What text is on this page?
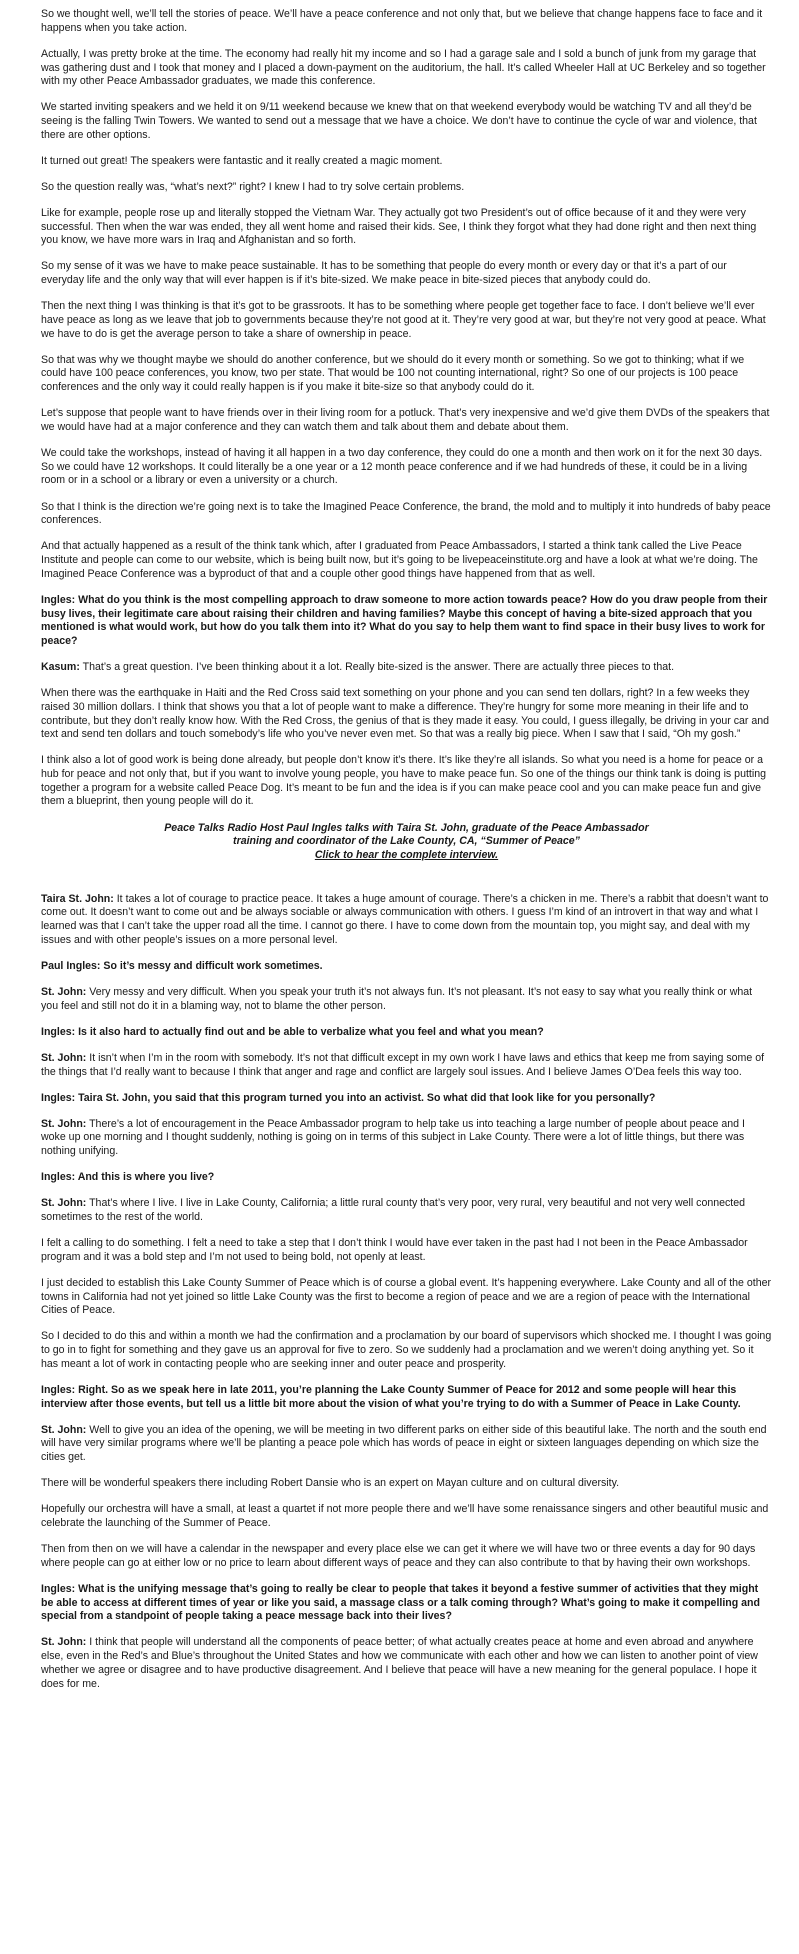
So we thought well, we’ll tell the stories of peace. We’ll have a peace conference and not only that, but we believe that change happens face to face and it happens when you take action.

Actually, I was pretty broke at the time. The economy had really hit my income and so I had a garage sale and I sold a bunch of junk from my garage that was gathering dust and I took that money and I placed a down-payment on the auditorium, the hall. It’s called Wheeler Hall at UC Berkeley and so together with my other Peace Ambassador graduates, we made this conference.

We started inviting speakers and we held it on 9/11 weekend because we knew that on that weekend everybody would be watching TV and all they’d be seeing is the falling Twin Towers. We wanted to send out a message that we have a choice. We don’t have to continue the cycle of war and violence, that there are other options.

It turned out great! The speakers were fantastic and it really created a magic moment.

So the question really was, “what’s next?” right? I knew I had to try solve certain problems.

Like for example, people rose up and literally stopped the Vietnam War. They actually got two President’s out of office because of it and they were very successful. Then when the war was ended, they all went home and raised their kids. See, I think they forgot what they had done right and then next thing you know, we have more wars in Iraq and Afghanistan and so forth.

So my sense of it was we have to make peace sustainable. It has to be something that people do every month or every day or that it’s a part of our everyday life and the only way that will ever happen is if it’s bite-sized. We make peace in bite-sized pieces that anybody could do.

Then the next thing I was thinking is that it’s got to be grassroots. It has to be something where people get together face to face. I don’t believe we’ll ever have peace as long as we leave that job to governments because they’re not good at it. They’re very good at war, but they’re not very good at peace. What we have to do is get the average person to take a share of ownership in peace.

So that was why we thought maybe we should do another conference, but we should do it every month or something. So we got to thinking; what if we could have 100 peace conferences, you know, two per state. That would be 100 not counting international, right? So one of our projects is 100 peace conferences and the only way it could really happen is if you make it bite-size so that anybody could do it.

Let’s suppose that people want to have friends over in their living room for a potluck. That’s very inexpensive and we’d give them DVDs of the speakers that we would have had at a major conference and they can watch them and talk about them and debate about them.

We could take the workshops, instead of having it all happen in a two day conference, they could do one a month and then work on it for the next 30 days. So we could have 12 workshops. It could literally be a one year or a 12 month peace conference and if we had hundreds of these, it could be in a living room or in a school or a library or even a university or a church.

So that I think is the direction we’re going next is to take the Imagined Peace Conference, the brand, the mold and to multiply it into hundreds of baby peace conferences.

And that actually happened as a result of the think tank which, after I graduated from Peace Ambassadors, I started a think tank called the Live Peace Institute and people can come to our website, which is being built now, but it’s going to be livepeaceinstitute.org and have a look at what we’re doing. The Imagined Peace Conference was a byproduct of that and a couple other good things have happened from that as well.

Ingles: What do you think is the most compelling approach to draw someone to more action towards peace? How do you draw people from their busy lives, their legitimate care about raising their children and having families? Maybe this concept of having a bite-sized approach that you mentioned is what would work, but how do you talk them into it? What do you say to help them want to find space in their busy lives to work for peace?

Kasum: That’s a great question. I’ve been thinking about it a lot. Really bite-sized is the answer. There are actually three pieces to that.

When there was the earthquake in Haiti and the Red Cross said text something on your phone and you can send ten dollars, right? In a few weeks they raised 30 million dollars. I think that shows you that a lot of people want to make a difference. They’re hungry for some more meaning in their life and to contribute, but they don’t really know how. With the Red Cross, the genius of that is they made it easy. You could, I guess illegally, be driving in your car and text and send ten dollars and touch somebody’s life who you’ve never even met. So that was a really big piece. When I saw that I said, “Oh my gosh.”

I think also a lot of good work is being done already, but people don’t know it’s there. It’s like they’re all islands. So what you need is a home for peace or a hub for peace and not only that, but if you want to involve young people, you have to make peace fun. So one of the things our think tank is doing is putting together a program for a website called Peace Dog. It’s meant to be fun and the idea is if you can make peace cool and you can make peace fun and give them a blueprint, then young people will do it.

Peace Talks Radio Host Paul Ingles talks with Taira St. John, graduate of the Peace Ambassador
training and coordinator of the Lake County, CA, “Summer of Peace”
Click to hear the complete interview.

Taira St. John: It takes a lot of courage to practice peace. It takes a huge amount of courage. There’s a chicken in me. There’s a rabbit that doesn’t want to come out. It doesn’t want to come out and be always sociable or always communication with others. I guess I’m kind of an introvert in that way and what I learned was that I can’t take the upper road all the time. I cannot go there. I have to come down from the mountain top, you might say, and deal with my issues and with other people’s issues on a more personal level.

Paul Ingles: So it’s messy and difficult work sometimes.

St. John: Very messy and very difficult. When you speak your truth it’s not always fun. It’s not pleasant. It’s not easy to say what you really think or what you feel and still not do it in a blaming way, not to blame the other person.

Ingles: Is it also hard to actually find out and be able to verbalize what you feel and what you mean?

St. John: It isn’t when I’m in the room with somebody. It’s not that difficult except in my own work I have laws and ethics that keep me from saying some of the things that I’d really want to because I think that anger and rage and conflict are largely soul issues. And I believe James O’Dea feels this way too.

Ingles: Taira St. John, you said that this program turned you into an activist. So what did that look like for you personally?

St. John: There’s a lot of encouragement in the Peace Ambassador program to help take us into teaching a large number of people about peace and I woke up one morning and I thought suddenly, nothing is going on in terms of this subject in Lake County. There were a lot of little things, but there was nothing unifying.

Ingles: And this is where you live?

St. John: That’s where I live. I live in Lake County, California; a little rural county that’s very poor, very rural, very beautiful and not very well connected sometimes to the rest of the world.

I felt a calling to do something. I felt a need to take a step that I don’t think I would have ever taken in the past had I not been in the Peace Ambassador program and it was a bold step and I’m not used to being bold, not openly at least.

I just decided to establish this Lake County Summer of Peace which is of course a global event. It’s happening everywhere. Lake County and all of the other towns in California had not yet joined so little Lake County was the first to become a region of peace and we are a region of peace with the International Cities of Peace.

So I decided to do this and within a month we had the confirmation and a proclamation by our board of supervisors which shocked me. I thought I was going to go in to fight for something and they gave us an approval for five to zero. So we suddenly had a proclamation and we weren’t doing anything yet. So it has meant a lot of work in contacting people who are seeking inner and outer peace and prosperity.

Ingles: Right. So as we speak here in late 2011, you’re planning the Lake County Summer of Peace for 2012 and some people will hear this interview after those events, but tell us a little bit more about the vision of what you’re trying to do with a Summer of Peace in Lake County.

St. John: Well to give you an idea of the opening, we will be meeting in two different parks on either side of this beautiful lake. The north and the south end will have very similar programs where we’ll be planting a peace pole which has words of peace in eight or sixteen languages depending on which size the cities get.

There will be wonderful speakers there including Robert Dansie who is an expert on Mayan culture and on cultural diversity.

Hopefully our orchestra will have a small, at least a quartet if not more people there and we’ll have some renaissance singers and other beautiful music and celebrate the launching of the Summer of Peace.

Then from then on we will have a calendar in the newspaper and every place else we can get it where we will have two or three events a day for 90 days where people can go at either low or no price to learn about different ways of peace and they can also contribute to that by having their own workshops.

Ingles: What is the unifying message that’s going to really be clear to people that takes it beyond a festive summer of activities that they might be able to access at different times of year or like you said, a massage class or a talk coming through? What’s going to make it compelling and special from a standpoint of people taking a peace message back into their lives?

St. John: I think that people will understand all the components of peace better; of what actually creates peace at home and even abroad and anywhere else, even in the Red’s and Blue’s throughout the United States and how we communicate with each other and how we can listen to another point of view whether we agree or disagree and to have productive disagreement. And I believe that peace will have a new meaning for the general populace. I hope it does for me.
